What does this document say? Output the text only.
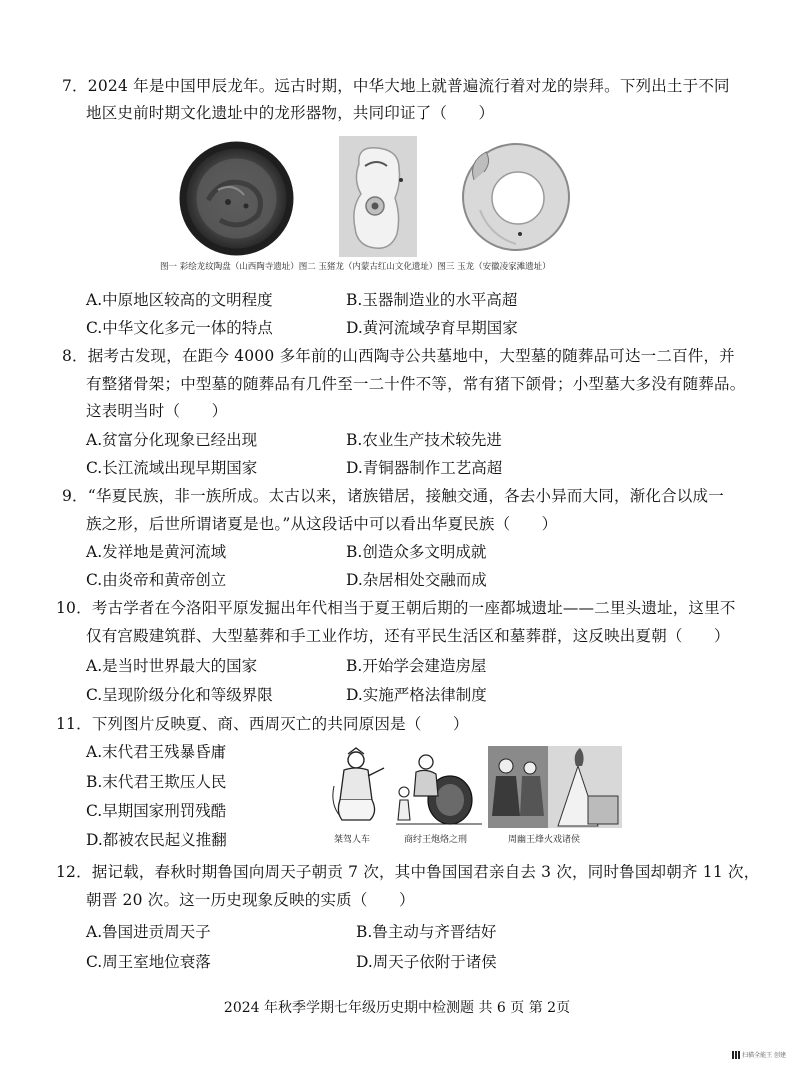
7．2024 年是中国甲辰龙年。远古时期，中华大地上就普遍流行着对龙的崇拜。下列出土于不同
地区史前时期文化遗址中的龙形器物，共同印证了（　　）
图一 彩绘龙纹陶盘（山西陶寺遗址）图二 玉猪龙（内蒙古红山文化遗址）图三 玉龙（安徽凌家滩遗址）
A.中原地区较高的文明程度	B.玉器制造业的水平高超
C.中华文化多元一体的特点	D.黄河流域孕育早期国家
8．据考古发现，在距今 4000 多年前的山西陶寺公共墓地中，大型墓的随葬品可达一二百件，并
有整猪骨架；中型墓的随葬品有几件至一二十件不等，常有猪下颌骨；小型墓大多没有随葬品。
这表明当时（　　）
A.贫富分化现象已经出现	B.农业生产技术较先进
C.长江流域出现早期国家	D.青铜器制作工艺高超
9．“华夏民族，非一族所成。太古以来，诸族错居，接触交通，各去小异而大同，渐化合以成一
族之形，后世所谓诸夏是也。”从这段话中可以看出华夏民族（　　）
A.发祥地是黄河流域	B.创造众多文明成就
C.由炎帝和黄帝创立	D.杂居相处交融而成
10．考古学者在今洛阳平原发掘出年代相当于夏王朝后期的一座都城遗址——二里头遗址，这里不
仅有宫殿建筑群、大型墓葬和手工业作坊，还有平民生活区和墓葬群，这反映出夏朝（　　）
A.是当时世界最大的国家	B.开始学会建造房屋
C.呈现阶级分化和等级界限	D.实施严格法律制度
11．下列图片反映夏、商、西周灭亡的共同原因是（　　）
A.末代君王残暴昏庸
B.末代君王欺压人民
C.早期国家刑罚残酷
D.都被农民起义推翻	桀驾人车	商纣王炮烙之刑	周幽王烽火戏诸侯
12．据记载，春秋时期鲁国向周天子朝贡 7 次，其中鲁国国君亲自去 3 次，同时鲁国却朝齐 11 次，
朝晋 20 次。这一历史现象反映的实质（　　）
A.鲁国进贡周天子	B.鲁主动与齐晋结好
C.周王室地位衰落	D.周天子依附于诸侯
2024 年秋季学期七年级历史期中检测题 共 6 页 第 2页
扫描全能王 创建
